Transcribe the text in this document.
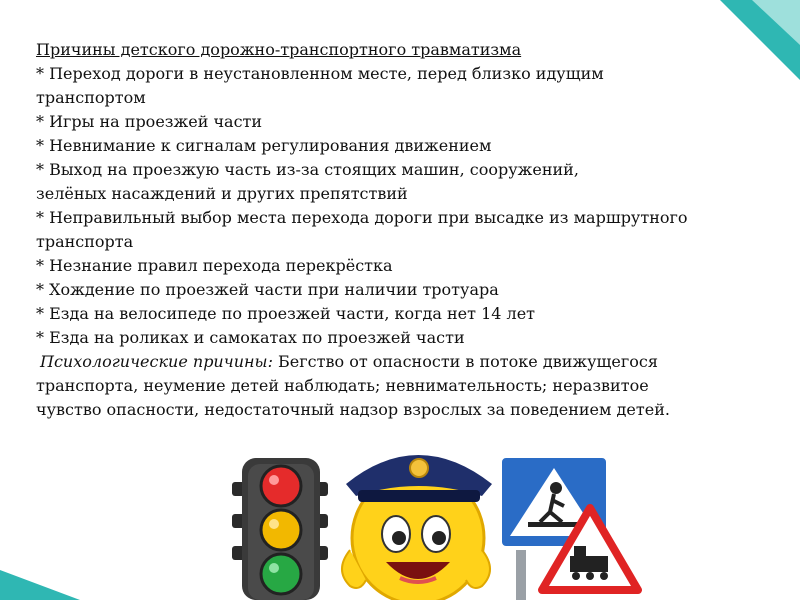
Причины детского дорожно-транспортного травматизма
* Переход дороги в неустановленном месте, перед близко идущим
транспортом
* Игры на проезжей части
* Невнимание к сигналам регулирования движением
* Выход на проезжую часть из-за стоящих машин, сооружений,
зелёных насаждений и других препятствий
* Неправильный выбор места перехода дороги при высадке из маршрутного
транспорта
* Незнание правил перехода перекрёстка
* Хождение по проезжей части при наличии тротуара
* Езда на велосипеде по проезжей части, когда нет 14 лет
* Езда на роликах и самокатах по проезжей части
Психологические причины: Бегство от опасности в потоке движущегося
транспорта, неумение детей наблюдать; невнимательность; неразвитое
чувство опасности, недостаточный надзор взрослых за поведением детей.
